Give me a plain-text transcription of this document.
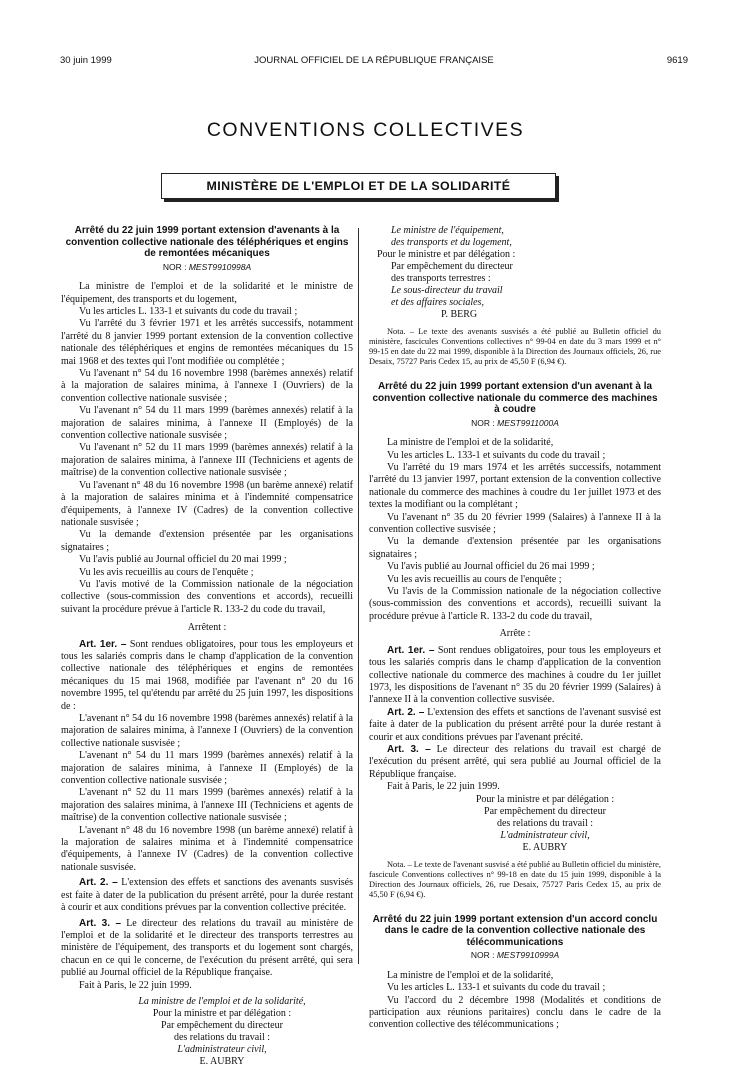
30 juin 1999	JOURNAL OFFICIEL DE LA RÉPUBLIQUE FRANÇAISE	9619
CONVENTIONS COLLECTIVES
MINISTÈRE DE L'EMPLOI ET DE LA SOLIDARITÉ
Arrêté du 22 juin 1999 portant extension d'avenants à la convention collective nationale des téléphériques et engins de remontées mécaniques
NOR : MESТ9910998A

La ministre de l'emploi et de la solidarité et le ministre de l'équipement, des transports et du logement,

Vu les articles L. 133-1 et suivants du code du travail ;

Vu l'arrêté du 3 février 1971 et les arrêtés successifs, notamment l'arrêté du 8 janvier 1999 portant extension de la convention collective nationale des téléphériques et engins de remontées mécaniques du 15 mai 1968 et des textes qui l'ont modifiée ou complétée ;

Vu l'avenant n° 54 du 16 novembre 1998 (barèmes annexés) relatif à la majoration de salaires minima, à l'annexe I (Ouvriers) de la convention collective nationale susvisée ;

Vu l'avenant n° 54 du 11 mars 1999 (barèmes annexés) relatif à la majoration de salaires minima, à l'annexe II (Employés) de la convention collective nationale susvisée ;

Vu l'avenant n° 52 du 11 mars 1999 (barèmes annexés) relatif à la majoration de salaires minima, à l'annexe III (Techniciens et agents de maîtrise) de la convention collective nationale susvisée ;

Vu l'avenant n° 48 du 16 novembre 1998 (un barème annexé) relatif à la majoration de salaires minima et à l'indemnité compensatrice d'équipements, à l'annexe IV (Cadres) de la convention collective nationale susvisée ;

Vu la demande d'extension présentée par les organisations signataires ;

Vu l'avis publié au Journal officiel du 20 mai 1999 ;

Vu les avis recueillis au cours de l'enquête ;

Vu l'avis motivé de la Commission nationale de la négociation collective (sous-commission des conventions et accords), recueilli suivant la procédure prévue à l'article R. 133-2 du code du travail,

Arrêtent :

Art. 1er. – Sont rendues obligatoires, pour tous les employeurs et tous les salariés compris dans le champ d'application de la convention collective nationale des téléphériques et engins de remontées mécaniques du 15 mai 1968, modifiée par l'avenant n° 20 du 16 novembre 1995, tel qu'étendu par arrêté du 25 juin 1997, les dispositions de :

L'avenant n° 54 du 16 novembre 1998 (barèmes annexés) relatif à la majoration de salaires minima, à l'annexe I (Ouvriers) de la convention collective nationale susvisée ;

L'avenant n° 54 du 11 mars 1999 (barèmes annexés) relatif à la majoration de salaires minima, à l'annexe II (Employés) de la convention collective nationale susvisée ;

L'avenant n° 52 du 11 mars 1999 (barèmes annexés) relatif à la majoration des salaires minima, à l'annexe III (Techniciens et agents de maîtrise) de la convention collective nationale susvisée ;

L'avenant n° 48 du 16 novembre 1998 (un barème annexé) relatif à la majoration de salaires minima et à l'indemnité compensatrice d'équipements, à l'annexe IV (Cadres) de la convention collective nationale susvisée.

Art. 2. – L'extension des effets et sanctions des avenants susvisés est faite à dater de la publication du présent arrêté, pour la durée restant à courir et aux conditions prévues par la convention collective précitée.

Art. 3. – Le directeur des relations du travail au ministère de l'emploi et de la solidarité et le directeur des transports terrestres au ministère de l'équipement, des transports et du logement sont chargés, chacun en ce qui le concerne, de l'exécution du présent arrêté, qui sera publié au Journal officiel de la République française.

Fait à Paris, le 22 juin 1999.

La ministre de l'emploi et de la solidarité,
Pour la ministre et par délégation :
Par empêchement du directeur
des relations du travail :
L'administrateur civil,
E. AUBRY
Le ministre de l'équipement,
des transports et du logement,
Pour le ministre et par délégation :
Par empêchement du directeur
des transports terrestres :
Le sous-directeur du travail
et des affaires sociales,
P. BERG
Nota. – Le texte des avenants susvisés a été publié au Bulletin officiel du ministère, fascicules Conventions collectives n° 99-04 en date du 3 mars 1999 et n° 99-15 en date du 22 mai 1999, disponible à la Direction des Journaux officiels, 26, rue Desaix, 75727 Paris Cedex 15, au prix de 45,50 F (6,94 €).
Arrêté du 22 juin 1999 portant extension d'un avenant à la convention collective nationale du commerce des machines à coudre
NOR : MEST9911000A

La ministre de l'emploi et de la solidarité,

Vu les articles L. 133-1 et suivants du code du travail ;

Vu l'arrêté du 19 mars 1974 et les arrêtés successifs, notamment l'arrêté du 13 janvier 1997, portant extension de la convention collective nationale du commerce des machines à coudre du 1er juillet 1973 et des textes la modifiant ou la complétant ;

Vu l'avenant n° 35 du 20 février 1999 (Salaires) à l'annexe II à la convention collective susvisée ;

Vu la demande d'extension présentée par les organisations signataires ;

Vu l'avis publié au Journal officiel du 26 mai 1999 ;

Vu les avis recueillis au cours de l'enquête ;

Vu l'avis de la Commission nationale de la négociation collective (sous-commission des conventions et accords), recueilli suivant la procédure prévue à l'article R. 133-2 du code du travail,

Arrête :

Art. 1er. – Sont rendues obligatoires, pour tous les employeurs et tous les salariés compris dans le champ d'application de la convention collective nationale du commerce des machines à coudre du 1er juillet 1973, les dispositions de l'avenant n° 35 du 20 février 1999 (Salaires) à l'annexe II à la convention collective susvisée.

Art. 2. – L'extension des effets et sanctions de l'avenant susvisé est faite à dater de la publication du présent arrêté pour la durée restant à courir et aux conditions prévues par l'avenant précité.

Art. 3. – Le directeur des relations du travail est chargé de l'exécution du présent arrêté, qui sera publié au Journal officiel de la République française.

Fait à Paris, le 22 juin 1999.

Pour la ministre et par délégation :
Par empêchement du directeur
des relations du travail :
L'administrateur civil,
E. AUBRY
Nota. – Le texte de l'avenant susvisé a été publié au Bulletin officiel du ministère, fascicule Conventions collectives n° 99-18 en date du 15 juin 1999, disponible à la Direction des Journaux officiels, 26, rue Desaix, 75727 Paris Cedex 15, au prix de 45,50 F (6,94 €).
Arrêté du 22 juin 1999 portant extension d'un accord conclu dans le cadre de la convention collective nationale des télécommunications
NOR : MEST9910999A

La ministre de l'emploi et de la solidarité,

Vu les articles L. 133-1 et suivants du code du travail ;

Vu l'accord du 2 décembre 1998 (Modalités et conditions de participation aux réunions paritaires) conclu dans le cadre de la convention collective des télécommunications ;
